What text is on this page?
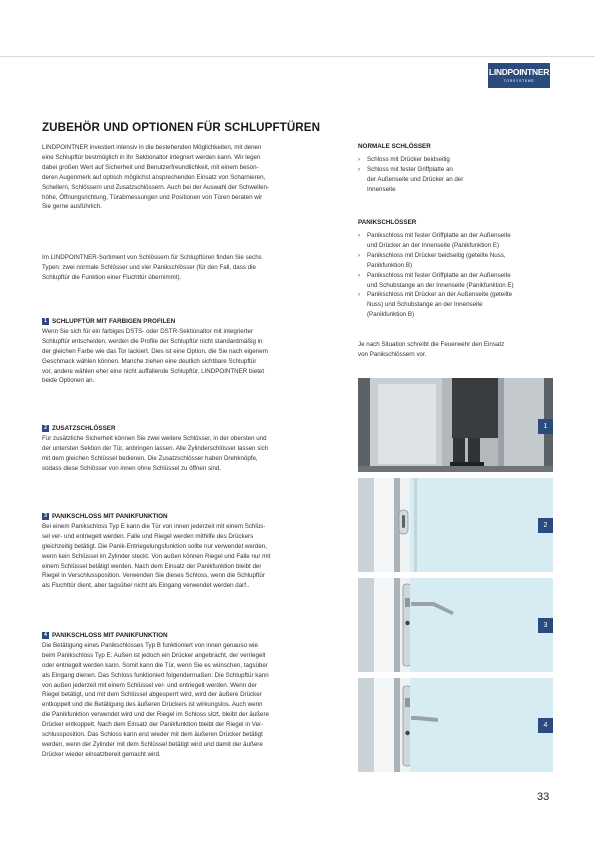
LINDPOINTNER
TORSYSTEME
ZUBEHÖR UND OPTIONEN FÜR SCHLUPFTÜREN
LINDPOINTNER investiert intensiv in die bestehenden Möglichkeiten, mit denen
eine Schlupftür bestmöglich in Ihr Sektionaltor integriert werden kann. Wir legen
dabei großen Wert auf Sicherheit und Benutzerfreundlichkeit, mit einem beson-
deren Augenmerk auf optisch möglichst ansprechenden Einsatz von Scharnieren,
Schellern, Schlössern und Zusatzschlössern. Auch bei der Auswahl der Schwellen-
höhe, Öffnungsrichtung, Türabmessungen und Positionen von Türen beraten wir
Sie gerne ausführlich.
Im LINDPOINTNER-Sortiment von Schlössern für Schlupftüren finden Sie sechs
Typen: zwei normale Schlösser und vier Panikschlösser (für den Fall, dass die
Schlupftür die Funktion einer Fluchttür übernimmt).
1 SCHLUPFTÜR MIT FARBIGEN PROFILEN
Wenn Sie sich für ein farbiges DSTS- oder DSTR-Sektionaltor mit integrierter
Schlupftür entscheiden, werden die Profile der Schlupftür nicht standardmäßig in
der gleichen Farbe wie das Tor lackiert. Dies ist eine Option, die Sie nach eigenem
Geschmack wählen können. Manche ziehen eine deutlich sichtbare Schlupftür
vor, andere wählen eher eine nicht auffallende Schlupftür. LINDPOINTNER bietet
beide Optionen an.
2 ZUSATZSCHLÖSSER
Für zusätzliche Sicherheit können Sie zwei weitere Schlösser, in der obersten und
der untersten Sektion der Tür, anbringen lassen. Alle Zylinderschlösser lassen sich
mit dem gleichen Schlüssel bedienen. Die Zusatzschlösser haben Drehknöpfe,
sodass diese Schlösser von innen ohne Schlüssel zu öffnen sind.
3 PANIKSCHLOSS MIT PANIKFUNKTION
Bei einem Panikschloss Typ E kann die Tür von innen jederzeit mit einem Schlüs-
sel ver- und entriegelt werden. Falle und Riegel werden mithilfe des Drückers
gleichzeitig betätigt. Die Panik-Entriegelungsfunktion sollte nur verwendet werden,
wenn kein Schlüssel im Zylinder steckt. Von außen können Riegel und Falle nur mit
einem Schlüssel betätigt werden. Nach dem Einsatz der Panikfunktion bleibt der
Riegel in Verschlussposition. Verwenden Sie dieses Schloss, wenn die Schlupftür
als Fluchttür dient, aber tagsüber nicht als Eingang verwendet werden darf..
4 PANIKSCHLOSS MIT PANIKFUNKTION
Die Betätigung eines Panikschlosses Typ B funktioniert von innen genauso wie
beim Panikschloss Typ E. Außen ist jedoch ein Drücker angebracht, der verriegelt
oder entriegelt werden kann. Somit kann die Tür, wenn Sie es wünschen, tagsüber
als Eingang dienen. Das Schloss funktioniert folgendermaßen: Die Schlupftür kann
von außen jederzeit mit einem Schlüssel ver- und entriegelt werden. Wenn der
Riegel betätigt, und mit dem Schlüssel abgesperrt wird, wird der äußere Drücker
entkoppelt und die Betätigung des äußeren Drückers ist wirkungslos. Auch wenn
die Panikfunktion verwendet wird und der Riegel im Schloss sitzt, bleibt der äußere
Drücker entkoppelt. Nach dem Einsatz der Panikfunktion bleibt der Riegel in Ver-
schlussposition. Das Schloss kann erst wieder mit dem äußeren Drücker betätigt
werden, wenn der Zylinder mit dem Schlüssel betätigt wird und damit der äußere
Drücker wieder einsatzbereit gemacht wird.
NORMALE SCHLÖSSER
› Schloss mit Drücker beidseitig
› Schloss mit fester Griffplatte an
der Außenseite und Drücker an der
Innenseite
PANIKSCHLÖSSER
› Panikschloss mit fester Griffplatte an der Außenseite
und Drücker an der Innenseite (Panikfunktion E)
› Panikschloss mit Drücker beidseitig (geteilte Nuss,
Panikfunktion B)
› Panikschloss mit fester Griffplatte an der Außenseite
und Schubstange an der Innenseite (Panikfunktion E)
› Panikschloss mit Drücker an der Außenseite (geteilte
Nuss) und Schubstange an der Innenseite
(Panikfunktion B)
Je nach Situation schreibt die Feuerwehr den Einsatz
von Panikschlössern vor.
1
2
3
4
33
